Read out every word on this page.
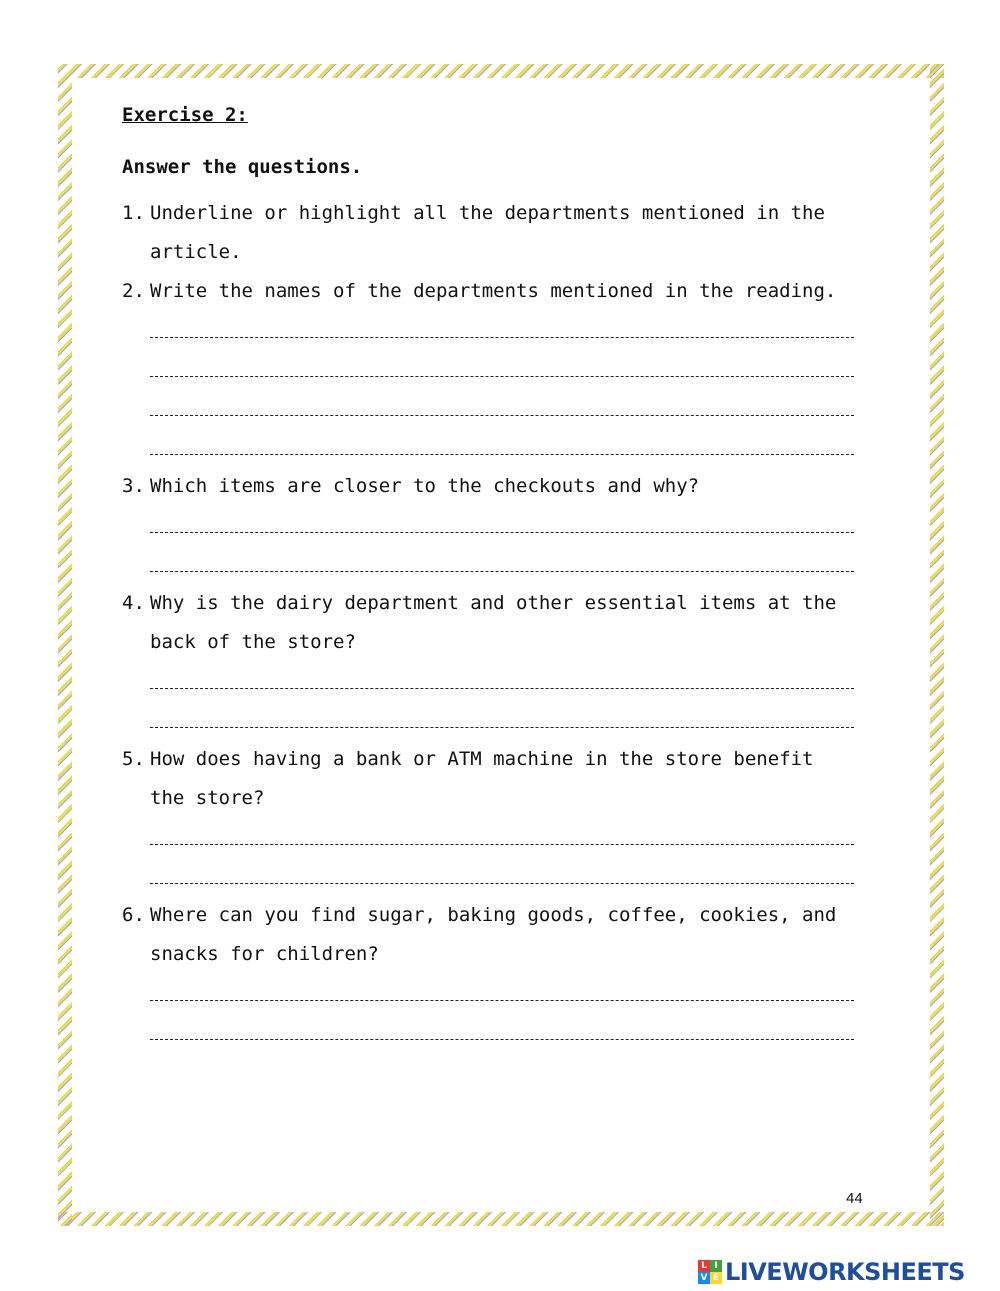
Exercise 2:
Answer the questions.
1. Underline or highlight all the departments mentioned in the article.
2. Write the names of the departments mentioned in the reading.
3. Which items are closer to the checkouts and why?
4. Why is the dairy department and other essential items at the back of the store?
5. How does having a bank or ATM machine in the store benefit the store?
6. Where can you find sugar, baking goods, coffee, cookies, and snacks for children?
44
L I
V E LIVEWORKSHEETS
